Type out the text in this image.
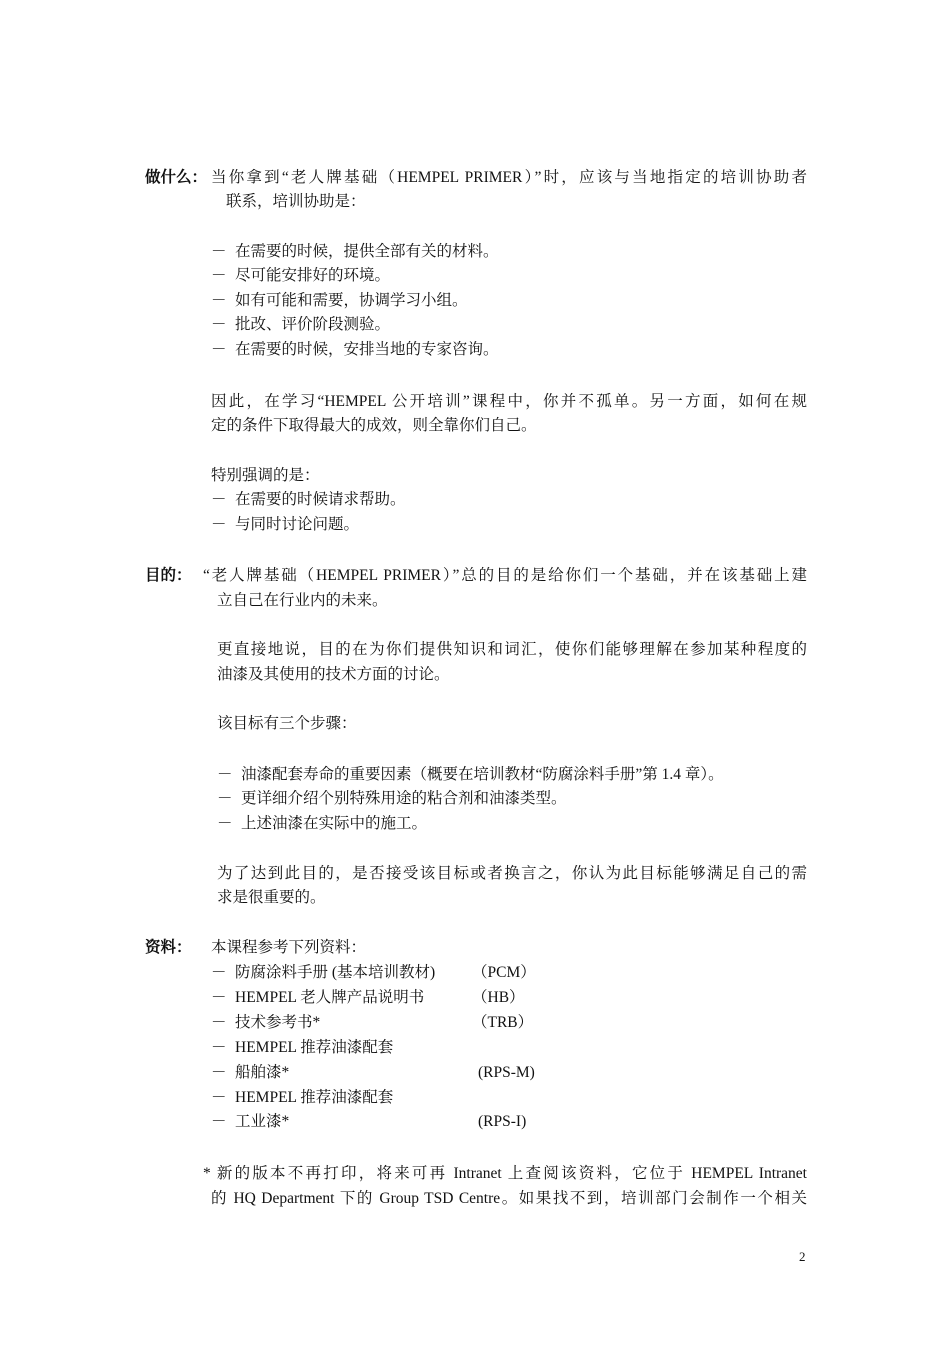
做什么： 当你拿到“老人牌基础（HEMPEL PRIMER）”时，应该与当地指定的培训协助者
联系，培训协助是：
－ 在需要的时候，提供全部有关的材料。
－ 尽可能安排好的环境。
－ 如有可能和需要，协调学习小组。
－ 批改、评价阶段测验。
－ 在需要的时候，安排当地的专家咨询。
因此，在学习“HEMPEL 公开培训”课程中，你并不孤单。另一方面，如何在规
定的条件下取得最大的成效，则全靠你们自己。
特别强调的是：
－ 在需要的时候请求帮助。
－ 与同时讨论问题。
目的： “老人牌基础（HEMPEL PRIMER）”总的目的是给你们一个基础，并在该基础上建
立自己在行业内的未来。
更直接地说，目的在为你们提供知识和词汇，使你们能够理解在参加某种程度的
油漆及其使用的技术方面的讨论。
该目标有三个步骤：
－ 油漆配套寿命的重要因素（概要在培训教材“防腐涂料手册”第 1.4 章）。
－ 更详细介绍个别特殊用途的粘合剂和油漆类型。
－ 上述油漆在实际中的施工。
为了达到此目的，是否接受该目标或者换言之，你认为此目标能够满足自己的需
求是很重要的。
资料： 本课程参考下列资料：
－ 防腐涂料手册 (基本培训教材) （PCM）
－ HEMPEL 老人牌产品说明书	（HB）
－ 技术参考书*	（TRB）
－ HEMPEL 推荐油漆配套
－ 船舶漆*	(RPS-M)
－ HEMPEL 推荐油漆配套
－ 工业漆*	(RPS-I)
* 新的版本不再打印，将来可再 Intranet 上查阅该资料，它位于 HEMPEL Intranet
的 HQ Department 下的 Group TSD Centre。如果找不到，培训部门会制作一个相关
2
